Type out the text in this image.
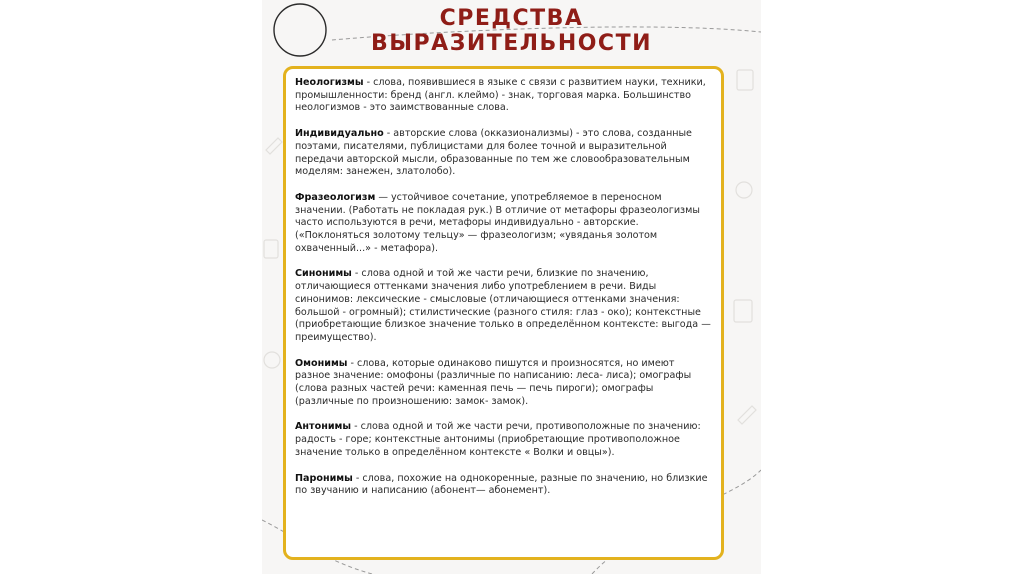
СРЕДСТВА
ВЫРАЗИТЕЛЬНОСТИ

Неологизмы - слова, появившиеся в языке с связи с развитием науки, техники, промышленности: бренд (англ. клеймо) - знак, торговая марка. Большинство неологизмов - это заимствованные слова.

Индивидуально - авторские слова (окказионализмы) - это слова, созданные поэтами, писателями, публицистами для более точной и выразительной передачи авторской мысли, образованные по тем же словообразовательным моделям: занежен, златолобо).

Фразеологизм — устойчивое сочетание, употребляемое в переносном значении. (Работать не покладая рук.) В отличие от метафоры фразеологизмы часто используются в речи, метафоры индивидуально - авторские. («Поклоняться золотому тельцу» — фразеологизм; «увяданья золотом охваченный...» - метафора).

Синонимы - слова одной и той же части речи, близкие по значению, отличающиеся оттенками значения либо употреблением в речи. Виды синонимов: лексические - смысловые (отличающиеся оттенками значения: большой - огромный); стилистические (разного стиля: глаз - око); контекстные (приобретающие близкое значение только в определённом контексте: выгода — преимущество).

Омонимы - слова, которые одинаково пишутся и произносятся, но имеют разное значение: омофоны (различные по написанию: леса- лиса); омографы (слова разных частей речи: каменная печь — печь пироги); омографы (различные по произношению: замок- замок).

Антонимы - слова одной и той же части речи, противоположные по значению: радость - горе; контекстные антонимы (приобретающие противоположное значение только в определённом контексте « Волки и овцы»).

Паронимы - слова, похожие на однокоренные, разные по значению, но близкие по звучанию и написанию (абонент— абонемент).
